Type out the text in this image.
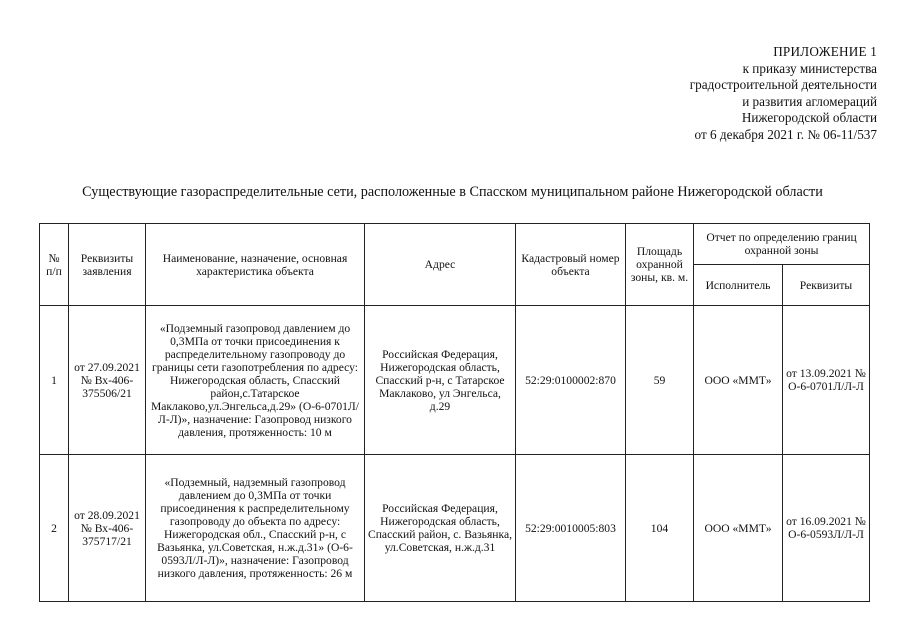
ПРИЛОЖЕНИЕ 1
к приказу министерства
градостроительной деятельности
и развития агломераций
Нижегородской области
от 6 декабря 2021 г. № 06-11/537
Существующие газораспределительные сети, расположенные в Спасском муниципальном районе Нижегородской области
№ п/п	Реквизиты заявления	Наименование, назначение, основная характеристика объекта	Адрес	Кадастровый номер объекта	Площадь охранной зоны, кв. м.	Отчет по определению границ охранной зоны	
						Исполнитель	Реквизиты
1	от 27.09.2021 № Вх-406-375506/21	«Подземный газопровод давлением до 0,3МПа от точки присоединения к распределительному газопроводу до границы сети газопотребления по адресу: Нижегородская область, Спасский район,с.Татарское Маклаково,ул.Энгельса,д.29» (О-6-0701Л/Л-Л)», назначение: Газопровод низкого давления, протяженность: 10 м	Российская Федерация, Нижегородская область, Спасский р-н, с Татарское Маклаково, ул Энгельса, д.29	52:29:0100002:870	59	ООО «ММТ»	от 13.09.2021 № О-6-0701Л/Л-Л
2	от 28.09.2021 № Вх-406-375717/21	«Подземный, надземный газопровод давлением до 0,3МПа от точки присоединения к распределительному газопроводу до объекта по адресу: Нижегородская обл., Спасский р-н, с Вазьянка, ул.Советская, н.ж.д.31» (О-6-0593Л/Л-Л)», назначение: Газопровод низкого давления, протяженность: 26 м	Российская Федерация, Нижегородская область, Спасский район, с. Вазьянка, ул.Советская, н.ж.д.31	52:29:0010005:803	104	ООО «ММТ»	от 16.09.2021 № О-6-0593Л/Л-Л
